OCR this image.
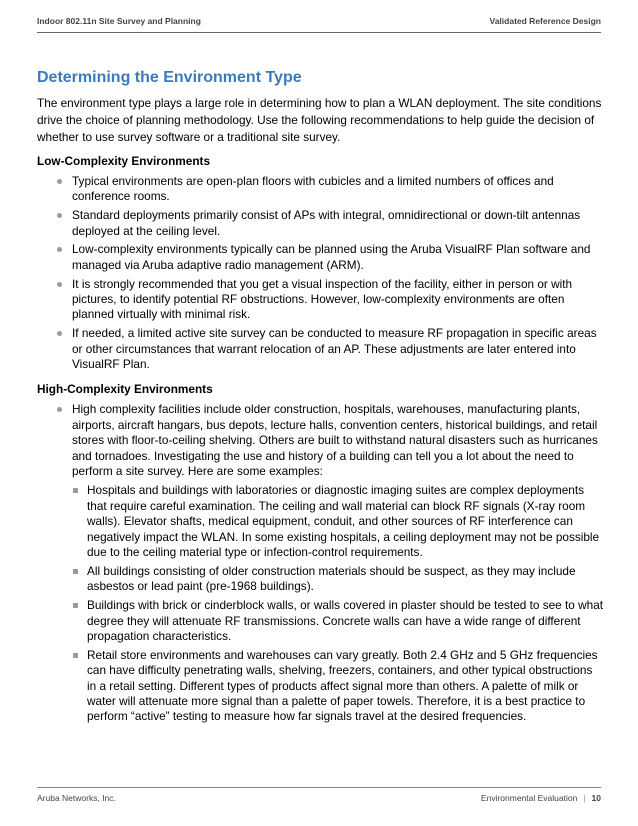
Indoor 802.11n Site Survey and Planning	Validated Reference Design
Determining the Environment Type

The environment type plays a large role in determining how to plan a WLAN deployment. The site conditions drive the choice of planning methodology. Use the following recommendations to help guide the decision of whether to use survey software or a traditional site survey.

Low-Complexity Environments
Typical environments are open-plan floors with cubicles and a limited numbers of offices and conference rooms.
Standard deployments primarily consist of APs with integral, omnidirectional or down-tilt antennas deployed at the ceiling level.
Low-complexity environments typically can be planned using the Aruba VisualRF Plan software and managed via Aruba adaptive radio management (ARM).
It is strongly recommended that you get a visual inspection of the facility, either in person or with pictures, to identify potential RF obstructions. However, low-complexity environments are often planned virtually with minimal risk.
If needed, a limited active site survey can be conducted to measure RF propagation in specific areas or other circumstances that warrant relocation of an AP. These adjustments are later entered into VisualRF Plan.
High-Complexity Environments
High complexity facilities include older construction, hospitals, warehouses, manufacturing plants, airports, aircraft hangars, bus depots, lecture halls, convention centers, historical buildings, and retail stores with floor-to-ceiling shelving. Others are built to withstand natural disasters such as hurricanes and tornadoes. Investigating the use and history of a building can tell you a lot about the need to perform a site survey. Here are some examples:
Hospitals and buildings with laboratories or diagnostic imaging suites are complex deployments that require careful examination. The ceiling and wall material can block RF signals (X-ray room walls). Elevator shafts, medical equipment, conduit, and other sources of RF interference can negatively impact the WLAN. In some existing hospitals, a ceiling deployment may not be possible due to the ceiling material type or infection-control requirements.
All buildings consisting of older construction materials should be suspect, as they may include asbestos or lead paint (pre-1968 buildings).
Buildings with brick or cinderblock walls, or walls covered in plaster should be tested to see to what degree they will attenuate RF transmissions. Concrete walls can have a wide range of different propagation characteristics.
Retail store environments and warehouses can vary greatly. Both 2.4 GHz and 5 GHz frequencies can have difficulty penetrating walls, shelving, freezers, containers, and other typical obstructions in a retail setting. Different types of products affect signal more than others. A palette of milk or water will attenuate more signal than a palette of paper towels. Therefore, it is a best practice to perform “active” testing to measure how far signals travel at the desired frequencies.
Aruba Networks, Inc.	Environmental Evaluation | 10
